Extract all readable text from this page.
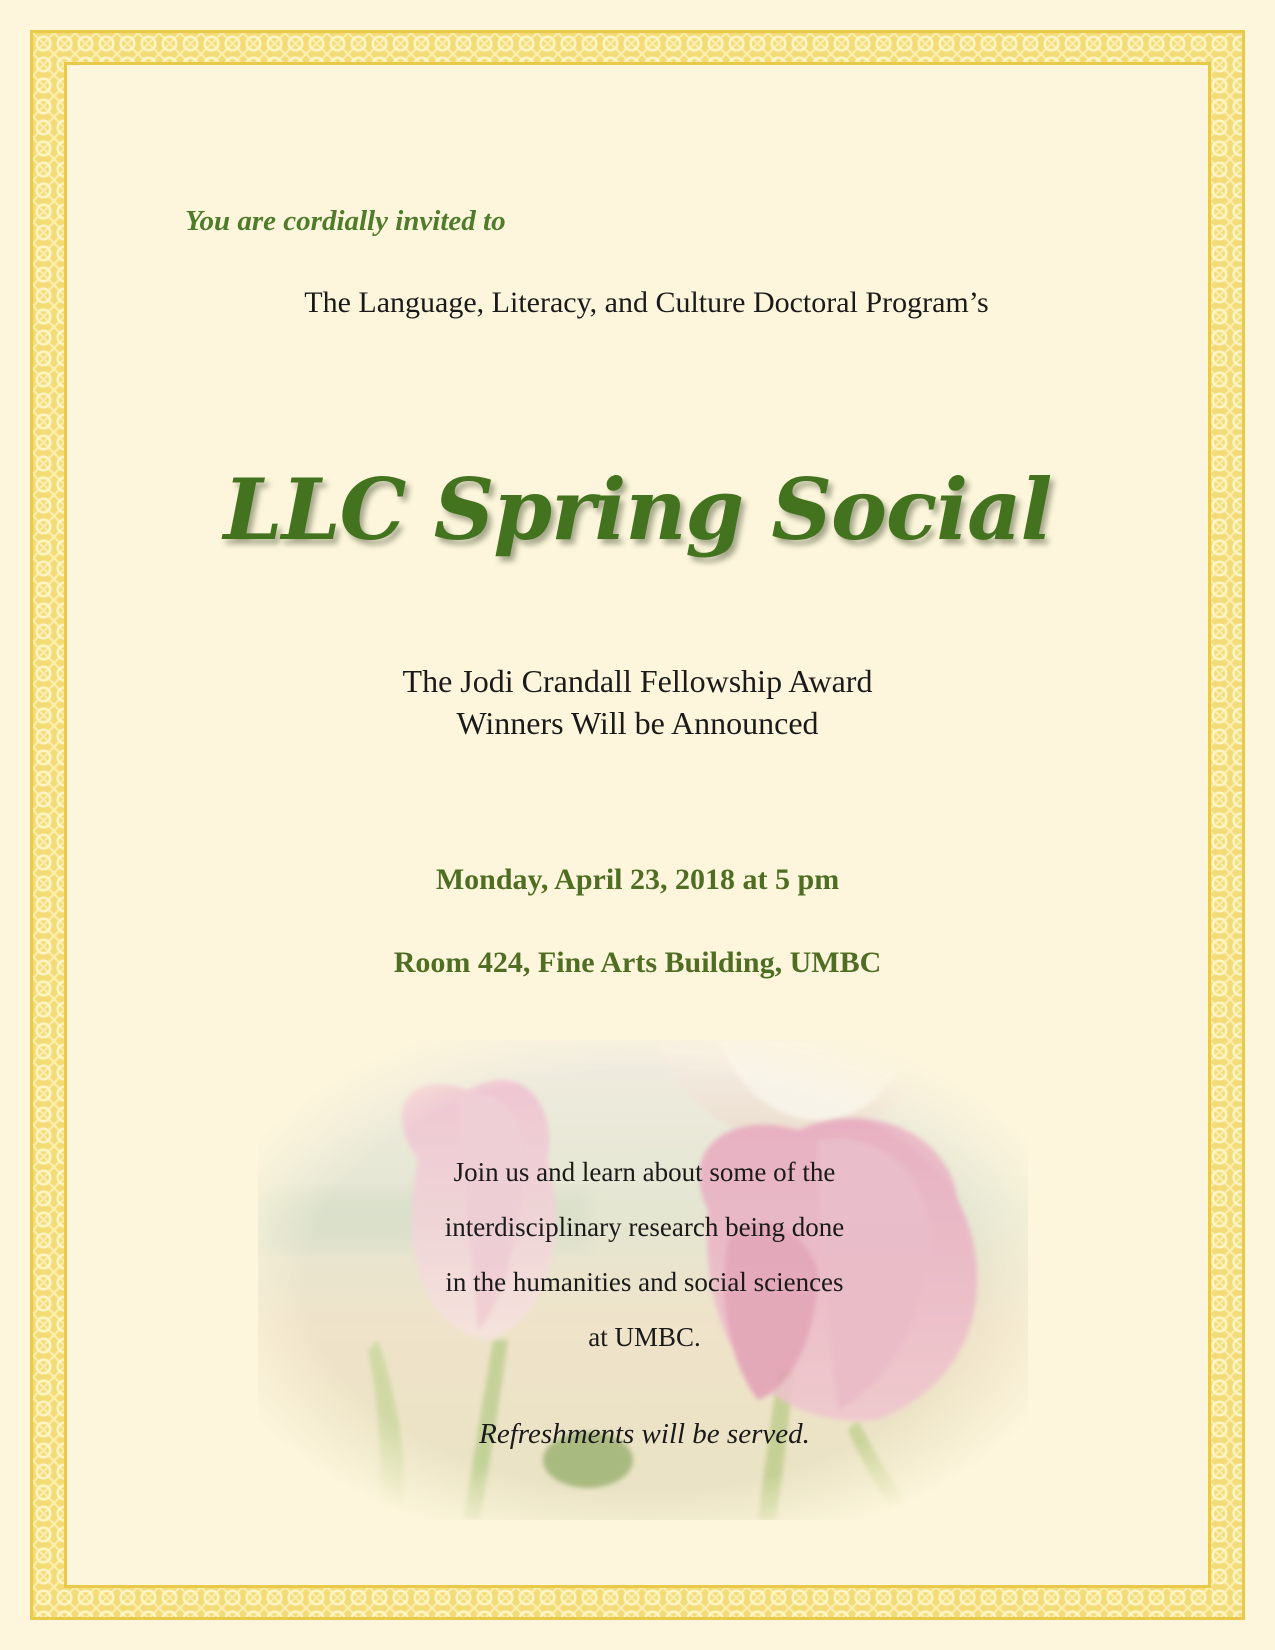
You are cordially invited to

The Language, Literacy, and Culture Doctoral Program’s

LLC Spring Social

The Jodi Crandall Fellowship Award
Winners Will be Announced

Monday, April 23, 2018 at 5 pm

Room 424, Fine Arts Building, UMBC

Join us and learn about some of the
interdisciplinary research being done
in the humanities and social sciences
at UMBC.

Refreshments will be served.
